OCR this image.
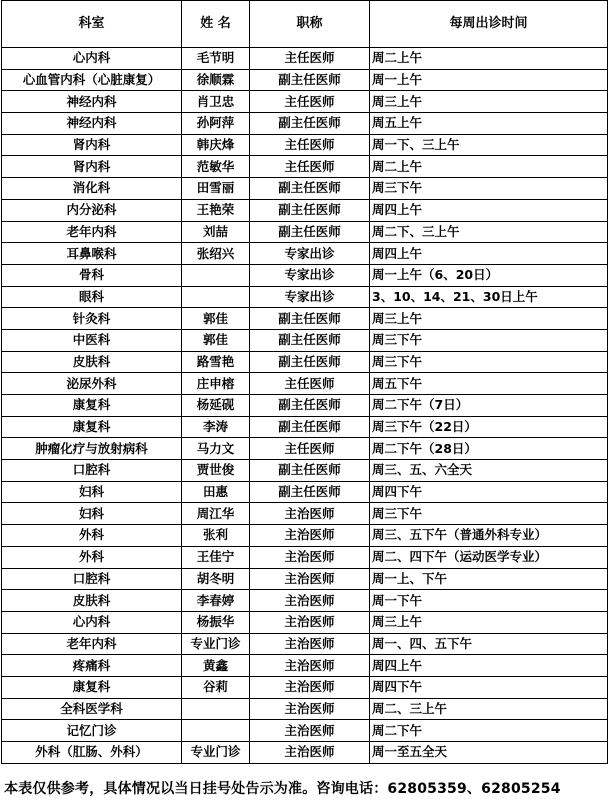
科室	姓 名	职称	每周出诊时间
心内科	毛节明	主任医师	周二上午
心血管内科（心脏康复）	徐顺霖	副主任医师	周一上午
神经内科	肖卫忠	主任医师	周三上午
神经内科	孙阿萍	副主任医师	周五上午
肾内科	韩庆烽	主任医师	周一下、三上午
肾内科	范敏华	主任医师	周二上午
消化科	田雪丽	副主任医师	周三下午
内分泌科	王艳荣	副主任医师	周四上午
老年内科	刘喆	副主任医师	周二下、三上午
耳鼻喉科	张绍兴	专家出诊	周四上午
骨科		专家出诊	周一上午（6、20日）
眼科		专家出诊	3、10、14、21、30日上午
针灸科	郭佳	副主任医师	周三上午
中医科	郭佳	副主任医师	周三下午
皮肤科	路雪艳	副主任医师	周三下午
泌尿外科	庄申榕	主任医师	周五下午
康复科	杨延砚	副主任医师	周二下午（7日）
康复科	李涛	副主任医师	周三下午（22日）
肿瘤化疗与放射病科	马力文	主任医师	周二下午（28日）
口腔科	贾世俊	副主任医师	周三、五、六全天
妇科	田惠	副主任医师	周四下午
妇科	周江华	主治医师	周三下午
外科	张利	主治医师	周三、五下午（普通外科专业）
外科	王佳宁	主治医师	周二、四下午（运动医学专业）
口腔科	胡冬明	主治医师	周一上、下午
皮肤科	李春婷	主治医师	周一下午
心内科	杨振华	主治医师	周三上午
老年内科	专业门诊	主治医师	周一、四、五下午
疼痛科	黄鑫	主治医师	周四上午
康复科	谷莉	主治医师	周四下午
全科医学科		主治医师	周二、三上午
记忆门诊		主治医师	周二下午
外科（肛肠、外科）	专业门诊	主治医师	周一至五全天
本表仅供参考，具体情况以当日挂号处告示为准。咨询电话：62805359、62805254
